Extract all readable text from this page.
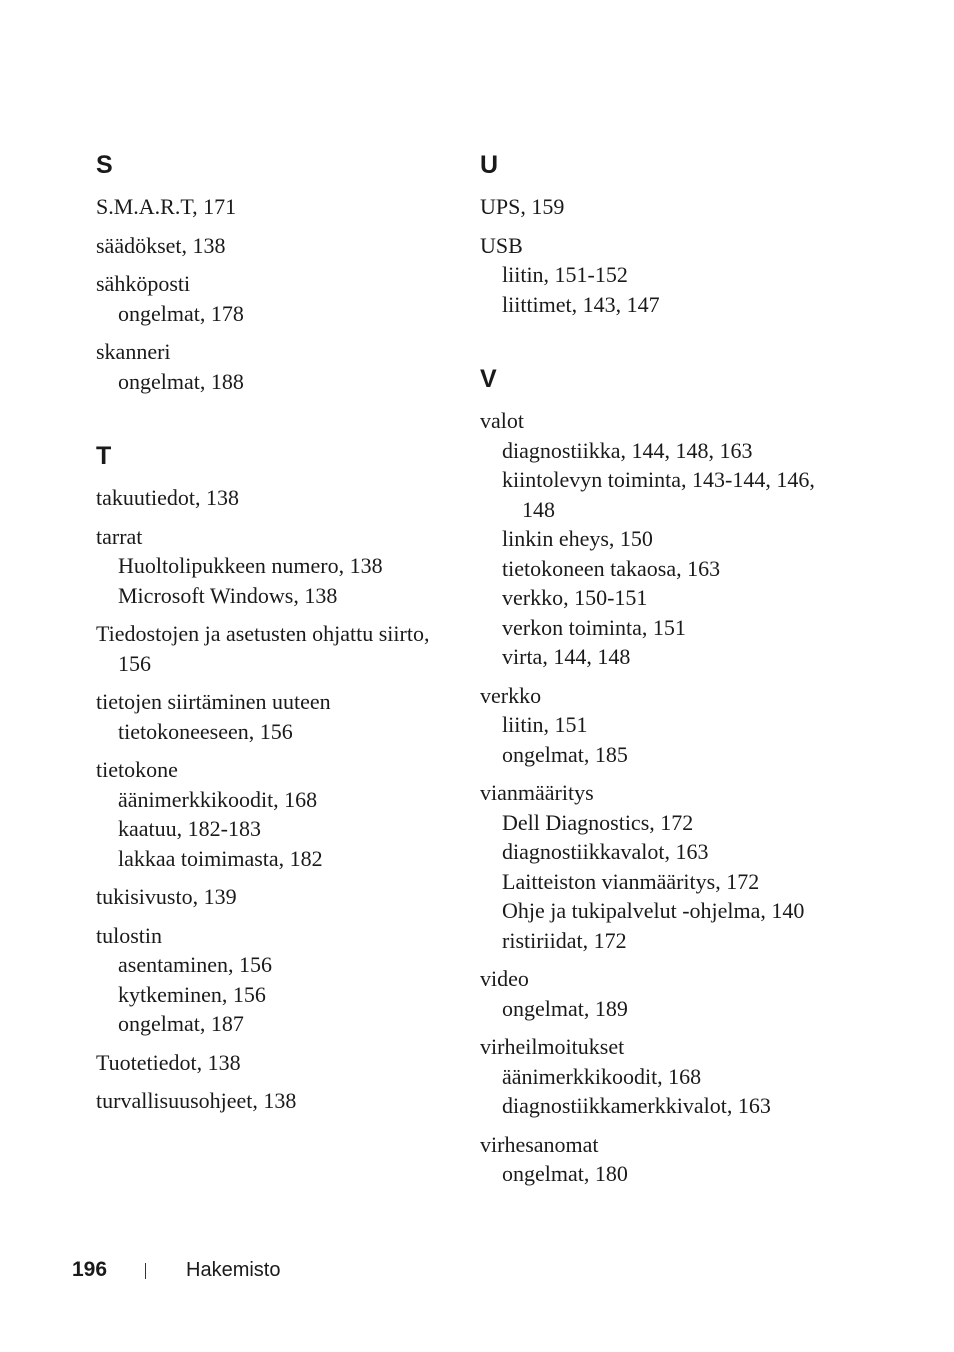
S
S.M.A.R.T, 171
säädökset, 138
sähköposti
ongelmat, 178
skanneri
ongelmat, 188
T
takuutiedot, 138
tarrat
Huoltolipukkeen numero, 138
Microsoft Windows, 138
Tiedostojen ja asetusten ohjattu siirto, 156
tietojen siirtäminen uuteen tietokoneeseen, 156
tietokone
äänimerkkikoodit, 168
kaatuu, 182-183
lakkaa toimimasta, 182
tukisivusto, 139
tulostin
asentaminen, 156
kytkeminen, 156
ongelmat, 187
Tuotetiedot, 138
turvallisuusohjeet, 138
U
UPS, 159
USB
liitin, 151-152
liittimet, 143, 147
V
valot
diagnostiikka, 144, 148, 163
kiintolevyn toiminta, 143-144, 146, 148
linkin eheys, 150
tietokoneen takaosa, 163
verkko, 150-151
verkon toiminta, 151
virta, 144, 148
verkko
liitin, 151
ongelmat, 185
vianmääritys
Dell Diagnostics, 172
diagnostiikkavalot, 163
Laitteiston vianmääritys, 172
Ohje ja tukipalvelut -ohjelma, 140
ristiriidat, 172
video
ongelmat, 189
virheilmoitukset
äänimerkkikoodit, 168
diagnostiikkamerkkivalot, 163
virhesanomat
ongelmat, 180
196	Hakemisto
